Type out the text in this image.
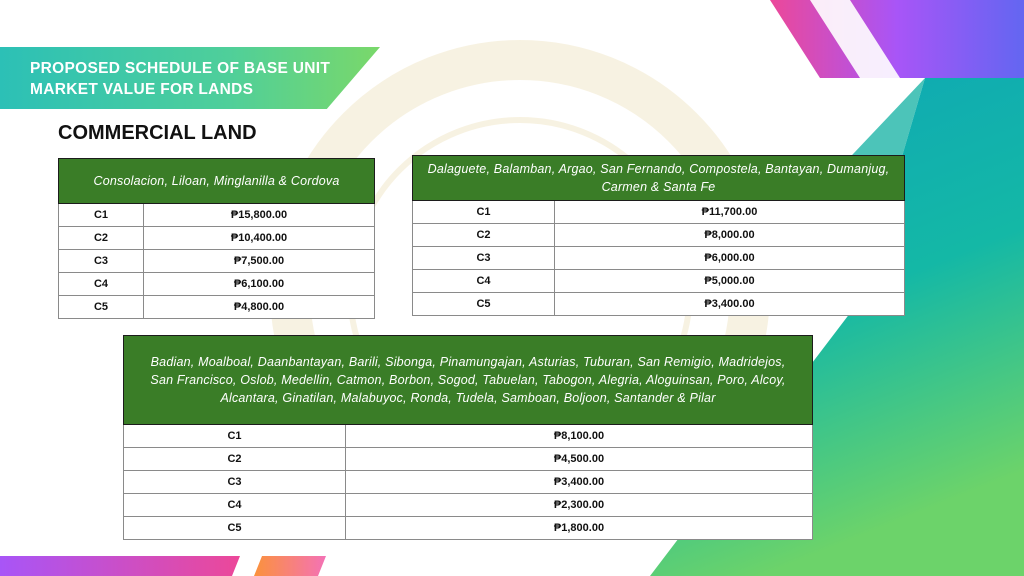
PROPOSED SCHEDULE OF BASE UNIT
MARKET VALUE FOR LANDS
COMMERCIAL LAND
Consolacion, Liloan, Minglanilla & Cordova	
C1	₱15,800.00
C2	₱10,400.00
C3	₱7,500.00
C4	₱6,100.00
C5	₱4,800.00
Dalaguete, Balamban, Argao, San Fernando, Compostela, Bantayan, Dumanjug, Carmen & Santa Fe	
C1	₱11,700.00
C2	₱8,000.00
C3	₱6,000.00
C4	₱5,000.00
C5	₱3,400.00
Badian, Moalboal, Daanbantayan, Barili, Sibonga, Pinamungajan, Asturias, Tuburan, San Remigio, Madridejos, San Francisco, Oslob, Medellin, Catmon, Borbon, Sogod, Tabuelan, Tabogon, Alegria, Aloguinsan, Poro, Alcoy, Alcantara, Ginatilan, Malabuyoc, Ronda, Tudela, Samboan, Boljoon, Santander & Pilar	
C1	₱8,100.00
C2	₱4,500.00
C3	₱3,400.00
C4	₱2,300.00
C5	₱1,800.00
